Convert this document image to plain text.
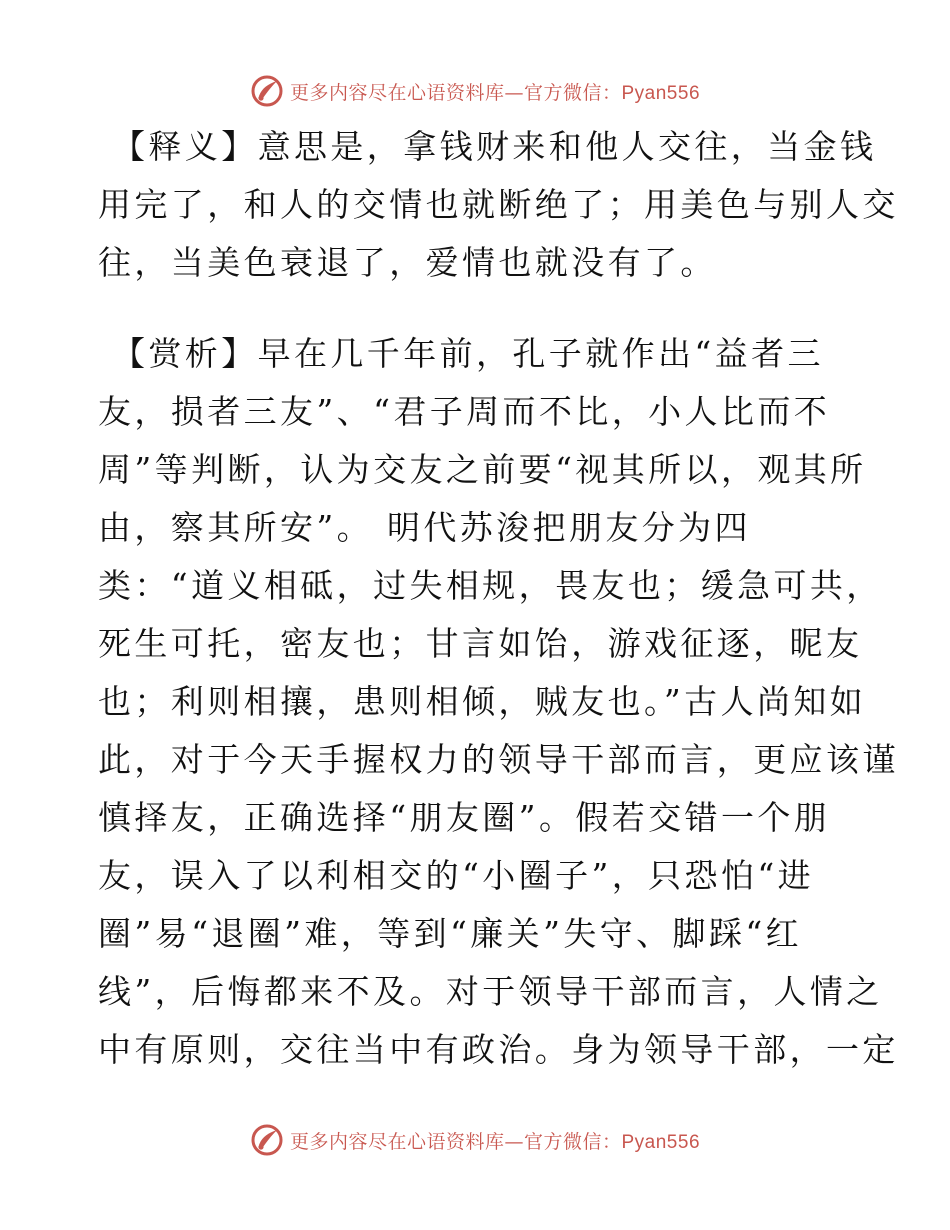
更多内容尽在心语资料库—官方微信：Pyan556
【释义】意思是，拿钱财来和他人交往，当金钱
用完了，和人的交情也就断绝了；用美色与别人交
往，当美色衰退了，爱情也就没有了。
【赏析】早在几千年前，孔子就作出“益者三
友，损者三友”、“君子周而不比，小人比而不
周”等判断，认为交友之前要“视其所以，观其所
由，察其所安”。 明代苏浚把朋友分为四
类：“道义相砥，过失相规，畏友也；缓急可共，
死生可托，密友也；甘言如饴，游戏征逐，昵友
也；利则相攘，患则相倾，贼友也。”古人尚知如
此，对于今天手握权力的领导干部而言，更应该谨
慎择友，正确选择“朋友圈”。假若交错一个朋
友，误入了以利相交的“小圈子”，只恐怕“进
圈”易“退圈”难，等到“廉关”失守、脚踩“红
线”，后悔都来不及。对于领导干部而言，人情之
中有原则，交往当中有政治。身为领导干部，一定
更多内容尽在心语资料库—官方微信：Pyan556
